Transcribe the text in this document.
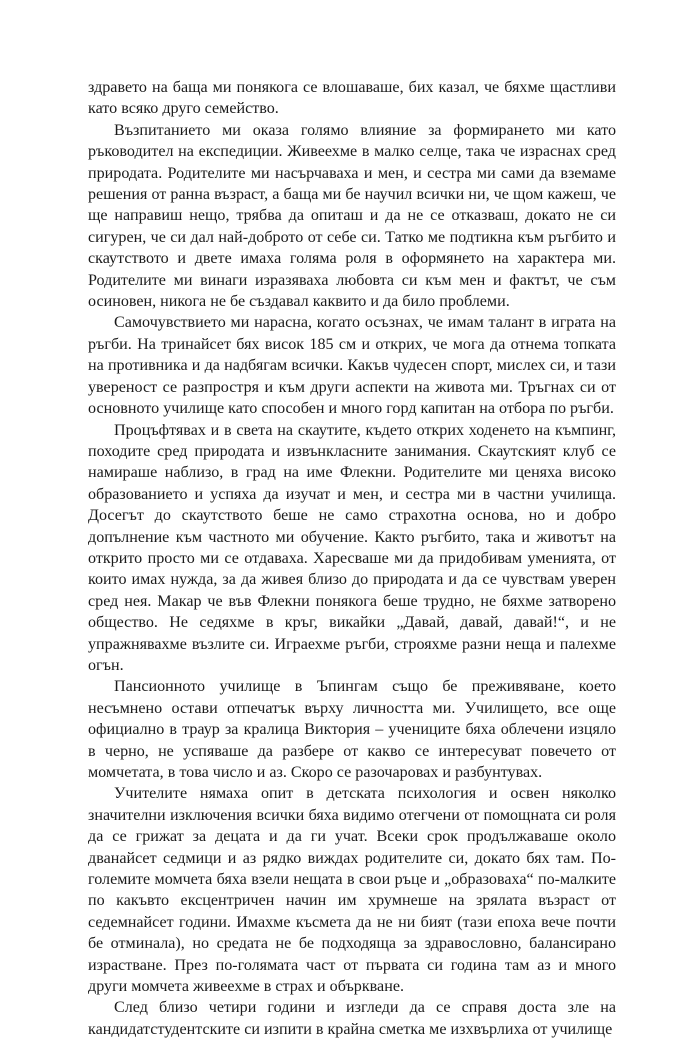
здравето на баща ми понякога се влошаваше, бих казал, че бяхме щастливи като всяко друго семейство.

Възпитанието ми оказа голямо влияние за формирането ми като ръководител на експедиции. Живеехме в малко селце, така че израснах сред природата. Родителите ми насърчаваха и мен, и сестра ми сами да вземаме решения от ранна възраст, а баща ми бе научил всички ни, че щом кажеш, че ще направиш нещо, трябва да опиташ и да не се отказваш, докато не си сигурен, че си дал най-доброто от себе си. Татко ме подтикна към ръгбито и скаутството и двете имаха голяма роля в оформянето на характера ми. Родителите ми винаги изразяваха любовта си към мен и фактът, че съм осиновен, никога не бе създавал каквито и да било проблеми.

Самочувствието ми нарасна, когато осъзнах, че имам талант в играта на ръгби. На тринайсет бях висок 185 см и открих, че мога да отнема топката на противника и да надбягам всички. Какъв чудесен спорт, мислех си, и тази увереност се разпростря и към други аспекти на живота ми. Тръгнах си от основното училище като способен и много горд капитан на отбора по ръгби.

Процъфтявах и в света на скаутите, където открих ходенето на къмпинг, походите сред природата и извънкласните занимания. Скаутският клуб се намираше наблизо, в град на име Флекни. Родителите ми ценяха високо образованието и успяха да изучат и мен, и сестра ми в частни училища. Досегът до скаутството беше не само страхотна основа, но и добро допълнение към частното ми обучение. Както ръгбито, така и животът на открито просто ми се отдаваха. Харесваше ми да придобивам уменията, от които имах нужда, за да живея близо до природата и да се чувствам уверен сред нея. Макар че във Флекни понякога беше трудно, не бяхме затворено общество. Не седяхме в кръг, викайки „Давай, давай, давай!“, и не упражнявахме възлите си. Играехме ръгби, строяхме разни неща и палехме огън.

Пансионното училище в Ъпингам също бе преживяване, което несъмнено остави отпечатък върху личността ми. Училището, все още официално в траур за кралица Виктория – учениците бяха облечени изцяло в черно, не успяваше да разбере от какво се интересуват повечето от момчетата, в това число и аз. Скоро се разочаровах и разбунтувах.

Учителите нямаха опит в детската психология и освен няколко значителни изключения всички бяха видимо отегчени от помощната си роля да се грижат за децата и да ги учат. Всеки срок продължаваше около дванайсет седмици и аз рядко виждах родителите си, докато бях там. По-големите момчета бяха взели нещата в свои ръце и „образоваха“ по-малките по какъвто ексцентричен начин им хрумнеше на зрялата възраст от седемнайсет години. Имахме късмета да не ни бият (тази епоха вече почти бе отминала), но средата не бе подходяща за здравословно, балансирано израстване. През по-голямата част от първата си година там аз и много други момчета живеехме в страх и объркване.

След близо четири години и изгледи да се справя доста зле на кандидатстудентските си изпити в крайна сметка ме изхвърлиха от училище
